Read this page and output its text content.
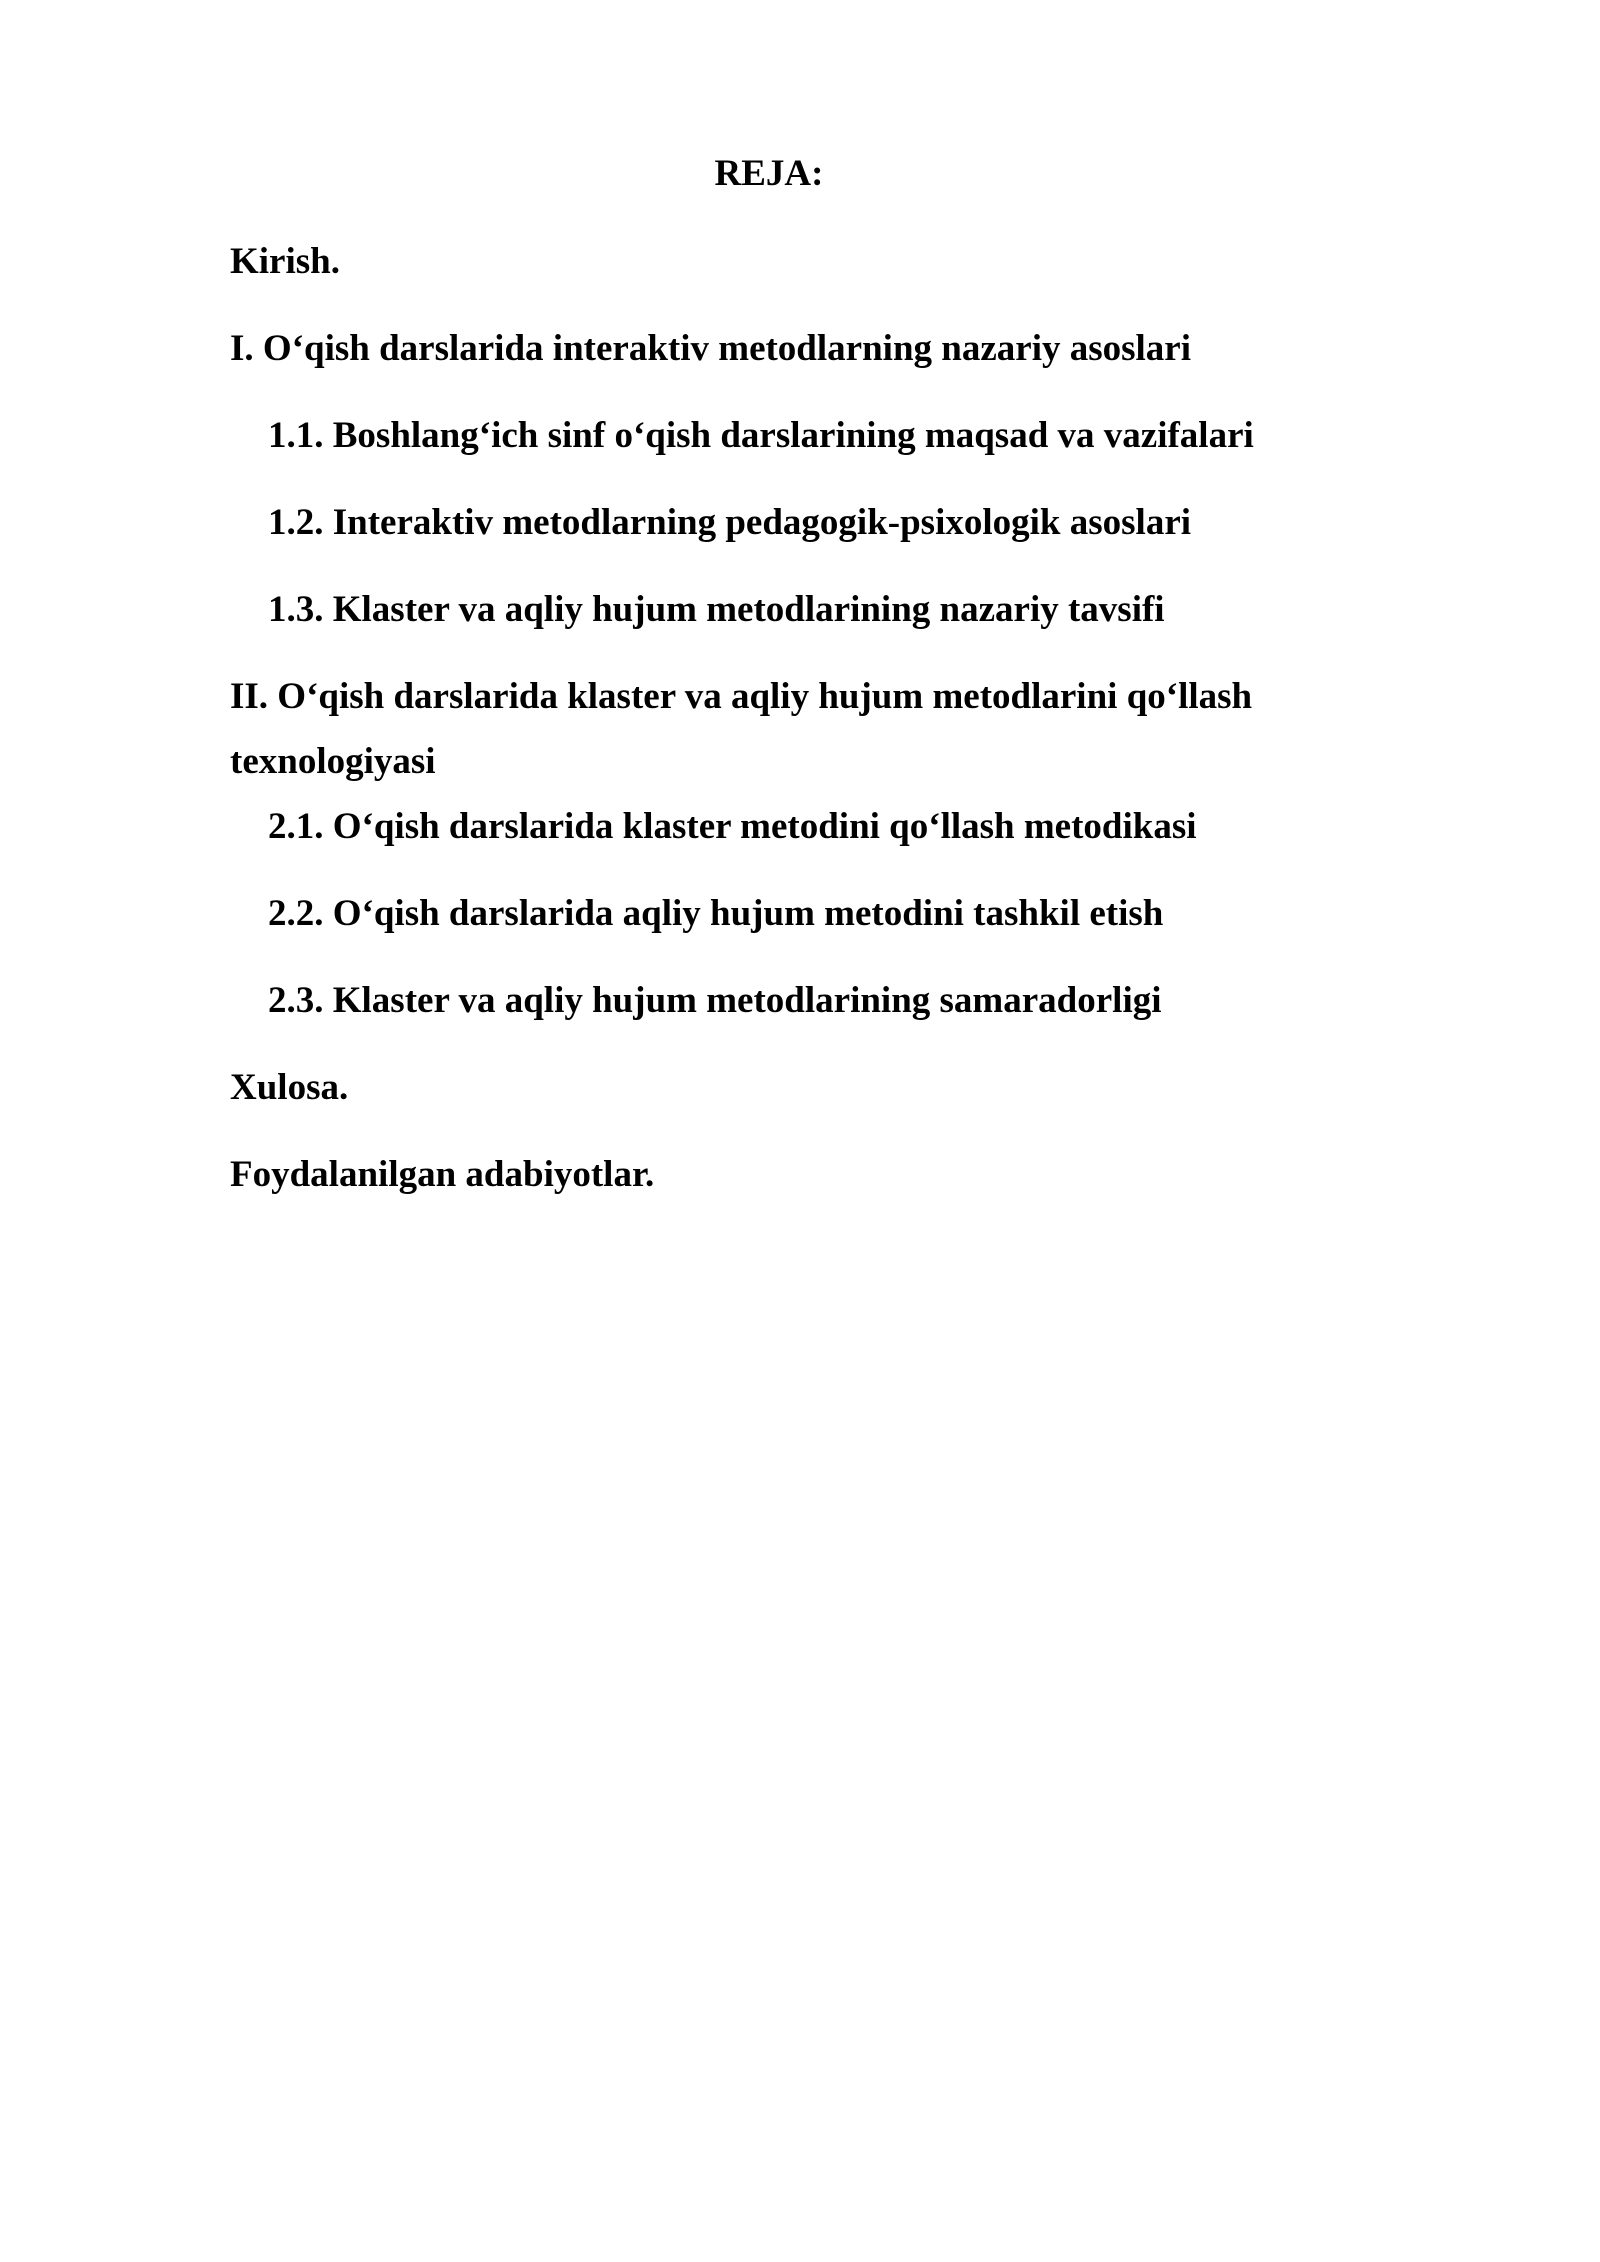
REJA:
Kirish.
I. O‘qish darslarida interaktiv metodlarning nazariy asoslari
1.1. Boshlang‘ich sinf o‘qish darslarining maqsad va vazifalari
1.2. Interaktiv metodlarning pedagogik-psixologik asoslari
1.3. Klaster va aqliy hujum metodlarining nazariy tavsifi
II. O‘qish darslarida klaster va aqliy hujum metodlarini qo‘llash
texnologiyasi
2.1. O‘qish darslarida klaster metodini qo‘llash metodikasi
2.2. O‘qish darslarida aqliy hujum metodini tashkil etish
2.3. Klaster va aqliy hujum metodlarining samaradorligi
Xulosa.
Foydalanilgan adabiyotlar.
